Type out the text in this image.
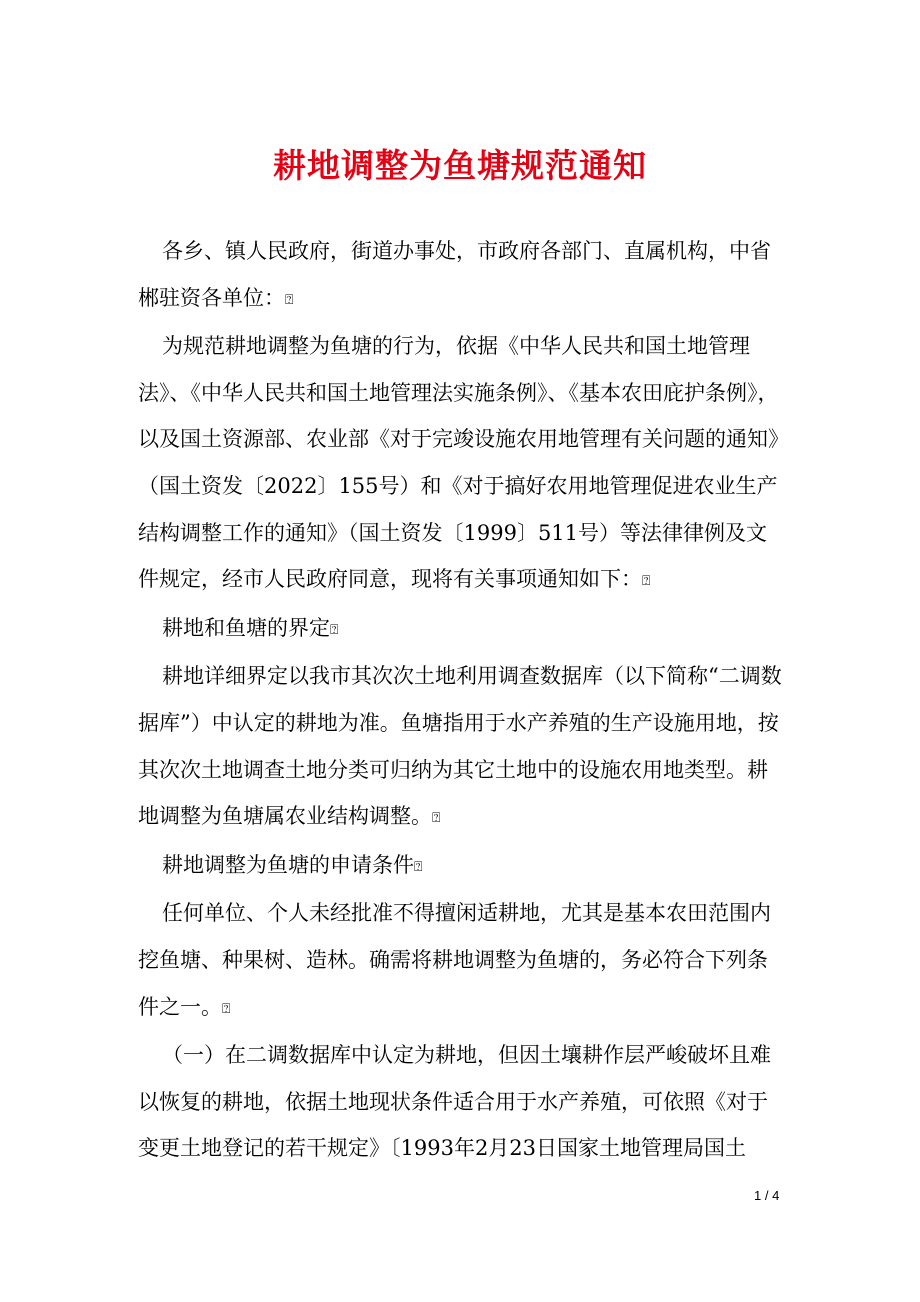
耕地调整为鱼塘规范通知

各乡、镇人民政府，街道办事处，市政府各部门、直属机构，中省郴驻资各单位：⍰

为规范耕地调整为鱼塘的行为，依据《中华人民共和国土地管理法》、《中华人民共和国土地管理法实施条例》、《基本农田庇护条例》，以及国土资源部、农业部《对于完竣设施农用地管理有关问题的通知》（国土资发〔2022〕155号）和《对于搞好农用地管理促进农业生产结构调整工作的通知》（国土资发〔1999〕511号）等法律律例及文件规定，经市人民政府同意，现将有关事项通知如下：⍰

耕地和鱼塘的界定⍰

耕地详细界定以我市其次次土地利用调查数据库（以下简称“二调数据库”）中认定的耕地为准。鱼塘指用于水产养殖的生产设施用地，按其次次土地调查土地分类可归纳为其它土地中的设施农用地类型。耕地调整为鱼塘属农业结构调整。⍰

耕地调整为鱼塘的申请条件⍰

任何单位、个人未经批准不得擅闲适耕地，尤其是基本农田范围内挖鱼塘、种果树、造林。确需将耕地调整为鱼塘的，务必符合下列条件之一。⍰

（一）在二调数据库中认定为耕地，但因土壤耕作层严峻破坏且难以恢复的耕地，依据土地现状条件适合用于水产养殖，可依照《对于变更土地登记的若干规定》〔1993年2月23日国家土地管理局国土

1 / 4
